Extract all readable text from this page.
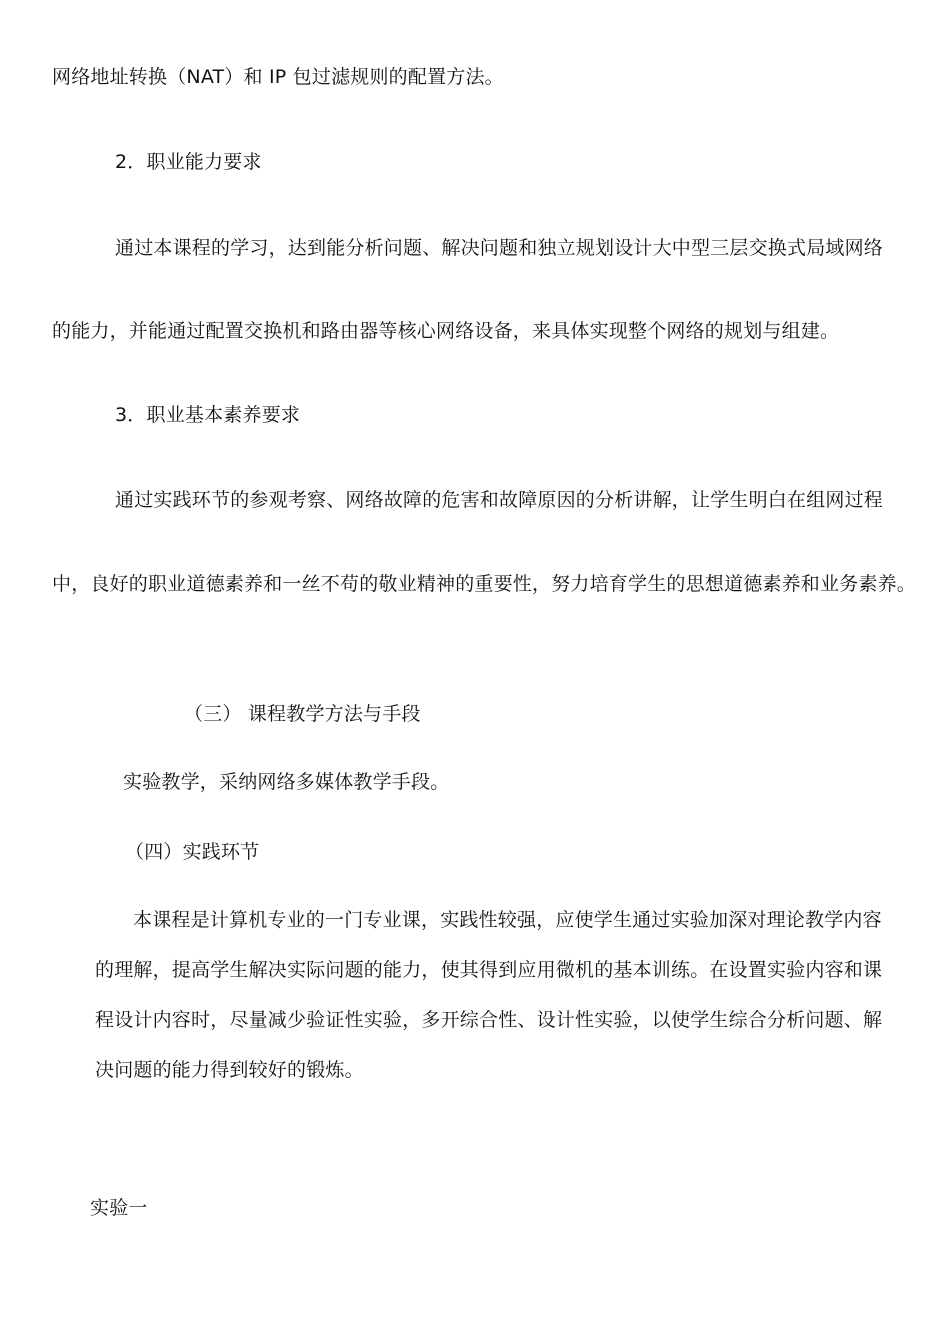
网络地址转换（NAT）和 IP 包过滤规则的配置方法。
2．职业能力要求
通过本课程的学习，达到能分析问题、解决问题和独立规划设计大中型三层交换式局域网络
的能力，并能通过配置交换机和路由器等核心网络设备，来具体实现整个网络的规划与组建。
3．职业基本素养要求
通过实践环节的参观考察、网络故障的危害和故障原因的分析讲解，让学生明白在组网过程
中，良好的职业道德素养和一丝不苟的敬业精神的重要性，努力培育学生的思想道德素养和业务素养。
（三） 课程教学方法与手段
实验教学，采纳网络多媒体教学手段。
（四）实践环节
本课程是计算机专业的一门专业课，实践性较强，应使学生通过实验加深对理论教学内容
的理解，提高学生解决实际问题的能力，使其得到应用微机的基本训练。在设置实验内容和课
程设计内容时，尽量减少验证性实验，多开综合性、设计性实验，以使学生综合分析问题、解
决问题的能力得到较好的锻炼。
实验一
